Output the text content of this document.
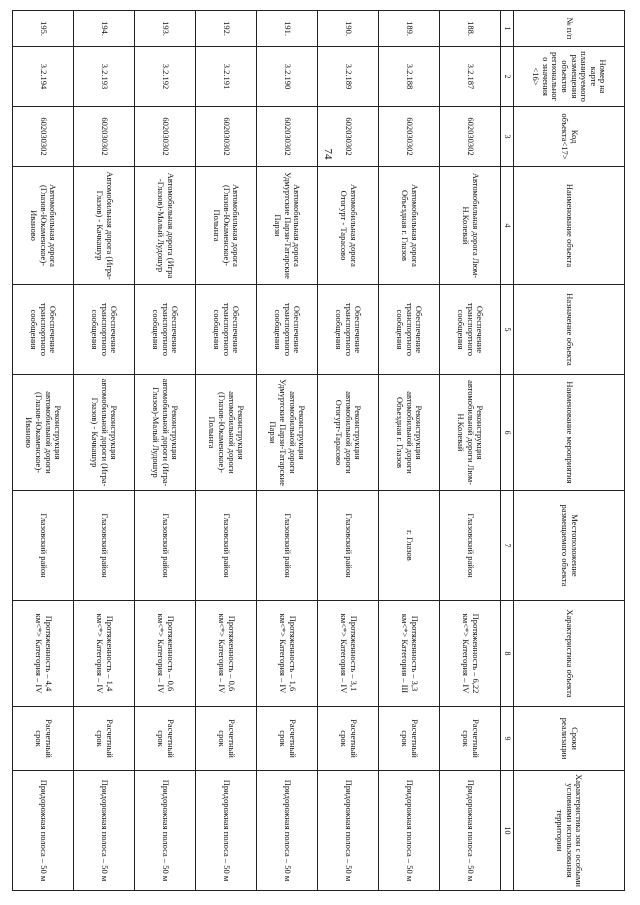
74
№ п/п	Номер на карте планируемого размещения объектов регионального значения <16>	Код объекта<17>	Наименование объекта	Назначение объекта	Наименование мероприятия	Местоположение размещаемого объекта	Характеристика объекта	Сроки реализации	Характеристика зон с особыми условиями использования территории
1	2	3	4	5	6	7	8	9	10
188.	3.2.187	602030302	Автомобильная дорога Люм-Н.Колевай	Обеспечение транспортного сообщения	Реконструкция автомобильной дороги Люм-Н.Колевай	Глазовский район	Протяженность – 6,22 км<*> Категория – IV	Расчетный срок	Придорожная полоса – 50 м
189.	3.2.188	602030302	Автомобильная дорога Объездная г. Глазов	Обеспечение транспортного сообщения	Реконструкция автомобильной дороги Объездная г. Глазов	г. Глазов	Протяженность – 3,3 км<*> Категория – III	Расчетный срок	Придорожная полоса – 50 м
190.	3.2.189	602030302	Автомобильная дорога Отогурт - Тарасово	Обеспечение транспортного сообщения	Реконструкция автомобильной дороги Отогурт-Тарасово	Глазовский район	Протяженность – 3,1 км<*> Категория – IV	Расчетный срок	Придорожная полоса – 50 м
191.	3.2.190	602030302	Автомобильная дорога Удмуртские Парзи-Татарские Парзи	Обеспечение транспортного сообщения	Реконструкция автомобильной дороги Удмуртские Парзи-Татарские Парзи	Глазовский район	Протяженность – 1,6 км<*> Категория – IV	Расчетный срок	Придорожная полоса – 50 м
192.	3.2.191	602030302	Автомобильная дорога (Глазов-Юкаменское)-Полынга	Обеспечение транспортного сообщения	Реконструкция автомобильной дороги (Глазов-Юкаменское)-Полынга	Глазовский район	Протяженность – 0,6 км<*> Категория – IV	Расчетный срок	Придорожная полоса – 50 м
193.	3.2.192	602030302	Автомобильная дорога (Игра -Глазов)-Малый Лудошур	Обеспечение транспортного сообщения	Реконструкция автомобильной дороги (Игра-Глазов)-Малый Лудошур	Глазовский район	Протяженность – 0,6 км<*> Категория – IV	Расчетный срок	Придорожная полоса – 50 м
194.	3.2.193	602030302	Автомобильная дорога (Игра-Глазов) - Качкашур	Обеспечение транспортного сообщения	Реконструкция автомобильной дороги (Игра-Глазов) - Качкашур	Глазовский район	Протяженность – 1,4 км<*> Категория – IV	Расчетный срок	Придорожная полоса – 50 м
195.	3.2.194	602030302	Автомобильная дорога (Глазов-Юкаменское)-Иваново	Обеспечение транспортного сообщения	Реконструкция автомобильной дороги (Глазов-Юкаменское)-Иваново	Глазовский район	Протяженность – 4,4 км<*> Категория – IV	Расчетный срок	Придорожная полоса – 50 м
